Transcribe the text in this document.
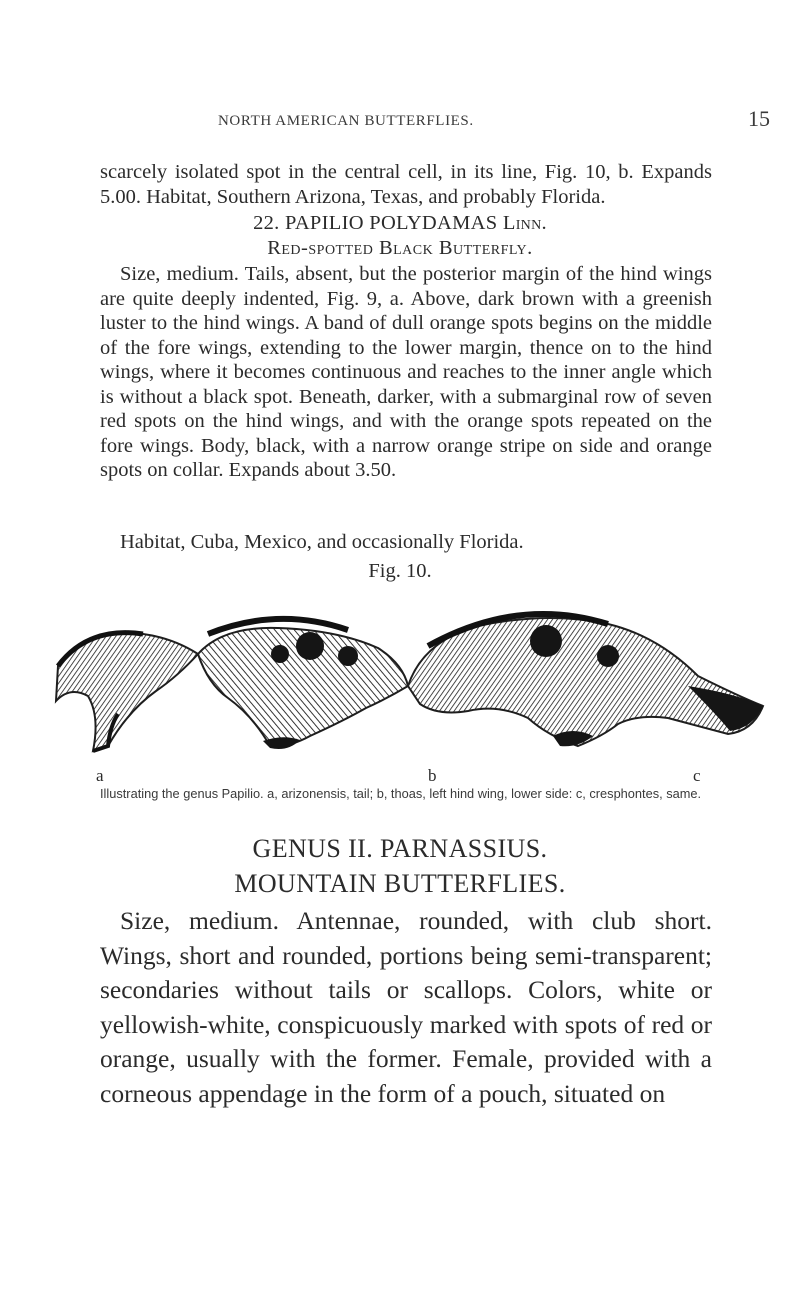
NORTH AMERICAN BUTTERFLIES.	15
scarcely isolated spot in the central cell, in its line, Fig. 10, b. Expands 5.00. Habitat, Southern Arizona, Texas, and probably Florida.
22. PAPILIO POLYDAMAS Linn.
Red-spotted Black Butterfly.
Size, medium. Tails, absent, but the posterior margin of the hind wings are quite deeply indented, Fig. 9, a. Above, dark brown with a greenish luster to the hind wings. A band of dull orange spots begins on the middle of the fore wings, extending to the lower margin, thence on to the hind wings, where it becomes continuous and reaches to the inner angle which is without a black spot. Beneath, darker, with a submarginal row of seven red spots on the hind wings, and with the orange spots repeated on the fore wings. Body, black, with a narrow orange stripe on side and orange spots on collar. Expands about 3.50.
Habitat, Cuba, Mexico, and occasionally Florida.
Fig. 10.
a	b	c
Illustrating the genus Papilio. a, arizonensis, tail; b, thoas, left hind wing, lower side: c, cresphontes, same.
GENUS II. PARNASSIUS.
MOUNTAIN BUTTERFLIES.
Size, medium. Antennae, rounded, with club short. Wings, short and rounded, portions being semi-transparent; secondaries without tails or scallops. Colors, white or yellowish-white, conspicuously marked with spots of red or orange, usually with the former. Female, provided with a corneous appendage in the form of a pouch, situated on
